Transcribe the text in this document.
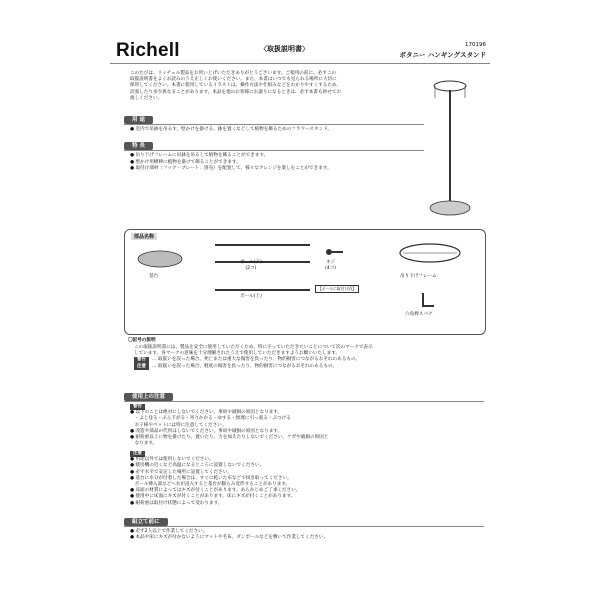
Richell	〈取扱説明書〉	170196
ボタニー ハンギングスタンド
このたびは、リッチェル製品をお買い上げいただきありがとうございます。ご使用の前に、必ずこの
取扱説明書をよくお読みのうえ正しくお使いください。また、本書はいつでも見られる場所に大切に
保管してください。本書に使用しているイラストは、操作方法や仕組みなどをわかりやすくするため、
誇張したり多少異なることがあります。本品を他のお客様にお譲りになるときは、必ず本書も併せてお
渡しください。
用 途
● 室内で吊鉢を吊るす、壁かけを掛ける、鉢を置くなどして植物を飾るためのフラワースタンド。
特 長
● 吊り下げフレームに吊鉢を吊るして植物を飾ることができます。
● 壁かけ用横棒に植物を掛けて飾ることができます。
● 取付け部材（フック・プレート：別売）を配置して、様々なアレンジを楽しむことができます。
部品名称
基台
ポール(下)
(2コ)
ポール(上)
ネジ
(4コ)
【ポールに取付け済】
吊り下げフレーム
六角棒スパナ
〇記号の説明
この取扱説明書には、製品を安全に使用していただくため、特に守っていただきたいことについて次のマークで表示
しています。各マークの意味を十分理解されたうえで使用していただきますようお願いいたします。
警告 … 取扱いを誤った場合、死亡または重大な傷害を負ったり、物的損害につながるおそれのあるもの。
注意 … 取扱いを誤った場合、軽度の傷害を負ったり、物的損害につながるおそれのあるもの。
使用上の注意
警告
● 以下のことは絶対にしないでください。事故や破損の原因となります。
　・よじ登る・ぶら下がる・寄りかかる・ゆする・無理に引っ張る・ぶつける
　お子様やペットには特に注意してください。
● 改造や部品の代用はしないでください。事故や破損の原因となります。
● 耐荷重以上に物を掛けたり、置いたり、力を加えたりしないでください。ケガや破損の原因と
　なります。
注意
● 用途以外では使用しないでください。
● 暖房機の近くなど高温になるところに設置しないでください。
● 必ず水平で安定した場所に設置してください。
● 基台に水分が付着した場合は、すぐに乾いた布などで拭き取ってください。
　ポール挿入部などへ水が浸入すると基台が膨らみ変形することがあります。
● 床面の材質によってはキズが付くことがあります。あらかじめご了承ください。
● 使用中に床面にキズが付くことがあります。床にキズが付くことがあります。
● 耐荷重は取付け状態によって変わります。
組立て前に
● 必ず2人以上で作業してください。
● 本品や床にキズが付かないようにマットや毛布、ダンボールなどを敷いて作業してください。
